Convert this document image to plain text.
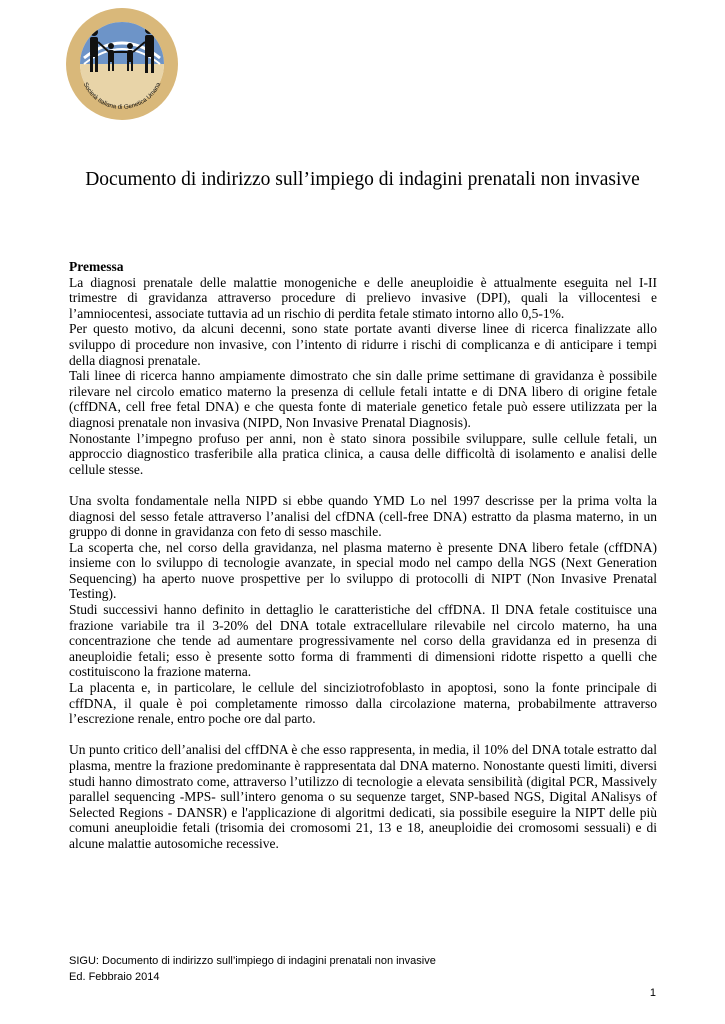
Società Italiana di Genetica Umana
Documento di indirizzo sull’impiego di indagini prenatali non invasive

Premessa

La diagnosi prenatale delle malattie monogeniche e delle aneuploidie è attualmente eseguita nel I-II trimestre di gravidanza attraverso procedure di prelievo invasive (DPI), quali la villocentesi e l’amniocentesi, associate tuttavia ad un rischio di perdita fetale stimato intorno allo 0,5-1%.

Per questo motivo, da alcuni decenni, sono state portate avanti diverse linee di ricerca finalizzate allo sviluppo di procedure non invasive, con l’intento di ridurre i rischi di complicanza e di anticipare i tempi della diagnosi prenatale.

Tali linee di ricerca hanno ampiamente dimostrato che sin dalle prime settimane di gravidanza è possibile rilevare nel circolo ematico materno la presenza di cellule fetali intatte e di DNA libero di origine fetale (cffDNA, cell free fetal DNA) e che questa fonte di materiale genetico fetale può essere utilizzata per la diagnosi prenatale non invasiva (NIPD, Non Invasive Prenatal Diagnosis).

Nonostante l’impegno profuso per anni, non è stato sinora possibile sviluppare, sulle cellule fetali, un approccio diagnostico trasferibile alla pratica clinica, a causa delle difficoltà di isolamento e analisi delle cellule stesse.

Una svolta fondamentale nella NIPD si ebbe quando YMD Lo nel 1997 descrisse per la prima volta la diagnosi del sesso fetale attraverso l’analisi del cfDNA (cell-free DNA) estratto da plasma materno, in un gruppo di donne in gravidanza con feto di sesso maschile.

La scoperta che, nel corso della gravidanza, nel plasma materno è presente DNA libero fetale (cffDNA) insieme con lo sviluppo di tecnologie avanzate, in special modo nel campo della NGS (Next Generation Sequencing) ha aperto nuove prospettive per lo sviluppo di protocolli di NIPT (Non Invasive Prenatal Testing).

Studi successivi hanno definito in dettaglio le caratteristiche del cffDNA. Il DNA fetale costituisce una frazione variabile tra il 3-20% del DNA totale extracellulare rilevabile nel circolo materno, ha una concentrazione che tende ad aumentare progressivamente nel corso della gravidanza ed in presenza di aneuploidie fetali; esso è presente sotto forma di frammenti di dimensioni ridotte rispetto a quelli che costituiscono la frazione materna.

La placenta e, in particolare, le cellule del sinciziotrofoblasto in apoptosi, sono la fonte principale di cffDNA, il quale è poi completamente rimosso dalla circolazione materna, probabilmente attraverso l’escrezione renale, entro poche ore dal parto.

Un punto critico dell’analisi del cffDNA è che esso rappresenta, in media, il 10% del DNA totale estratto dal plasma, mentre la frazione predominante è rappresentata dal DNA materno. Nonostante questi limiti, diversi studi hanno dimostrato come, attraverso l’utilizzo di tecnologie a elevata sensibilità (digital PCR, Massively parallel sequencing -MPS- sull’intero genoma o su sequenze target, SNP-based NGS, Digital ANalisys of Selected Regions - DANSR) e l'applicazione di algoritmi dedicati, sia possibile eseguire la NIPT delle più comuni aneuploidie fetali (trisomia dei cromosomi 21, 13 e 18, aneuploidie dei cromosomi sessuali) e di alcune malattie autosomiche recessive.

SIGU: Documento di indirizzo sull’impiego di indagini prenatali non invasive
Ed. Febbraio 2014
1
